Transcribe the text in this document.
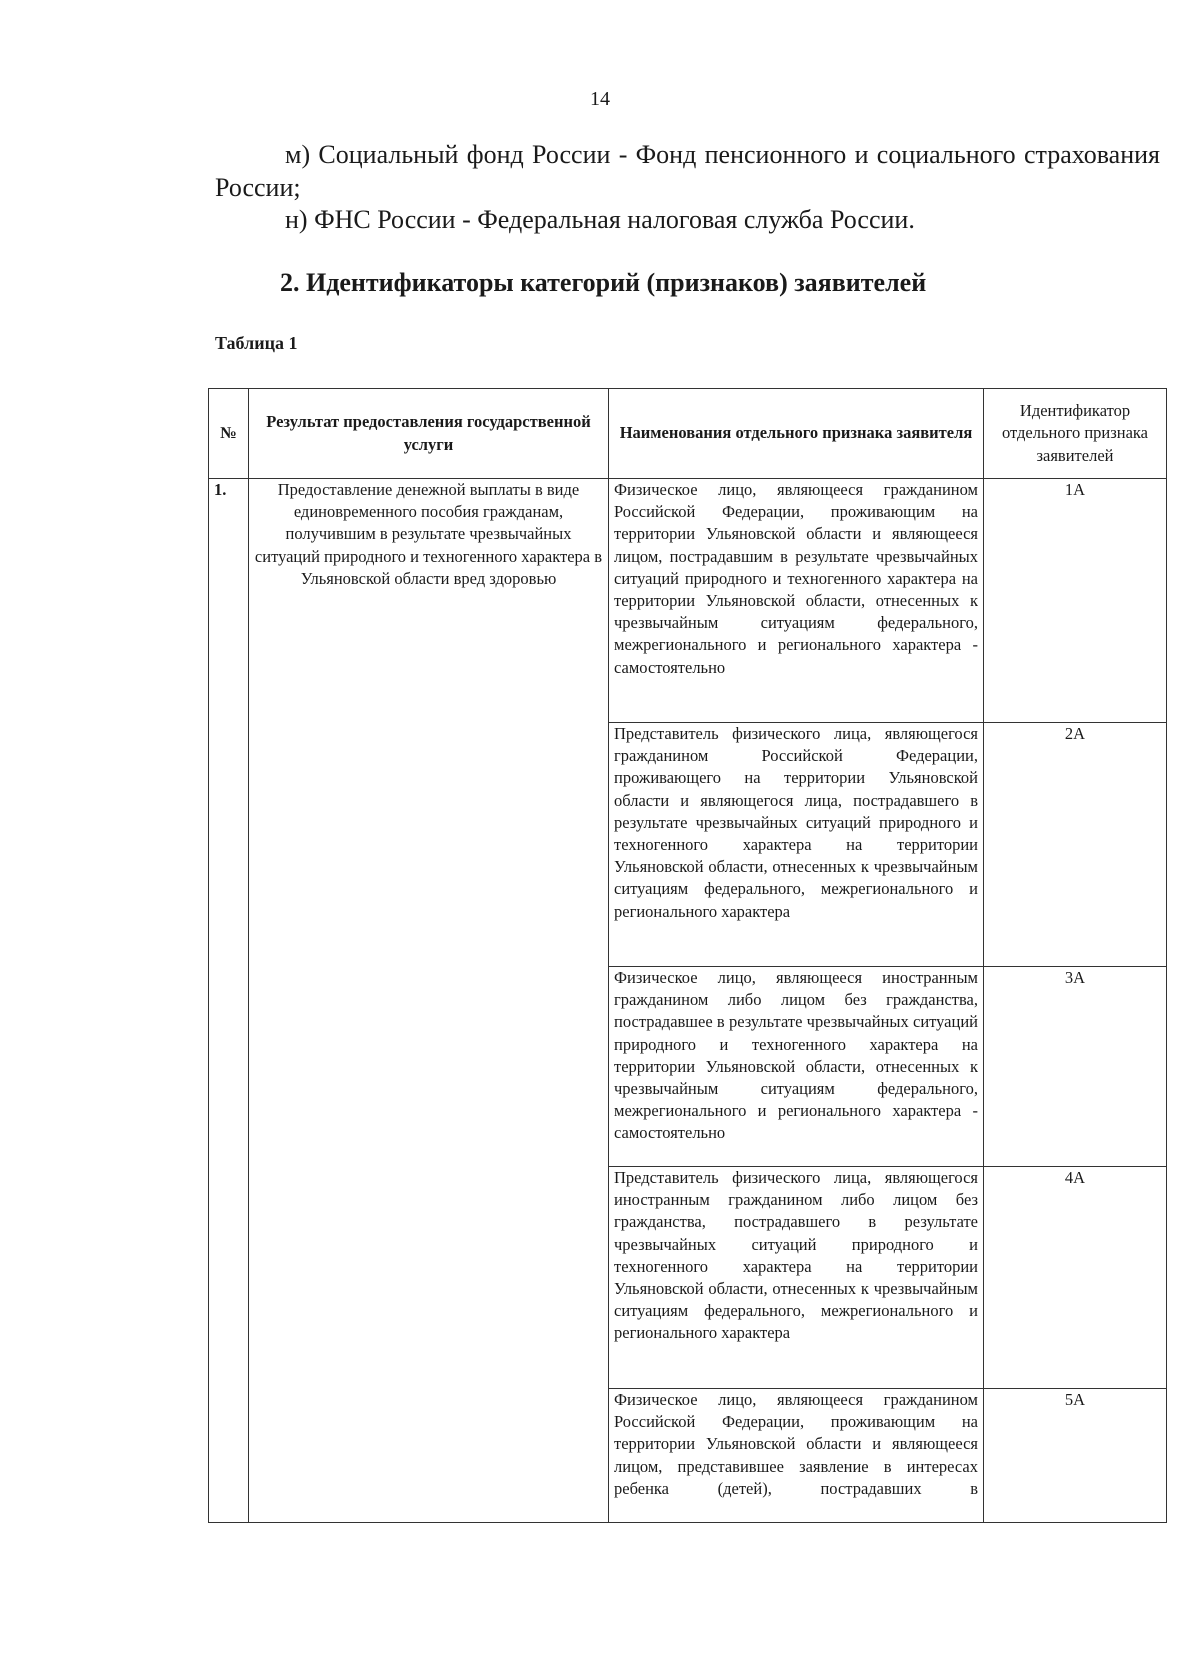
14
м) Социальный фонд России - Фонд пенсионного и социального страхования России;
н) ФНС России - Федеральная налоговая служба России.
2. Идентификаторы категорий (признаков) заявителей
Таблица 1
№	Результат предоставления государственной услуги	Наименования отдельного признака заявителя	Идентификатор отдельного признака заявителей
1.	Предоставление денежной выплаты в виде единовременного пособия гражданам, получившим в результате чрезвычайных ситуаций природного и техногенного характера в Ульяновской области вред здоровью	Физическое лицо, являющееся гражданином Российской Федерации, проживающим на территории Ульяновской области и являющееся лицом, пострадавшим в результате чрезвычайных ситуаций природного и техногенного характера на территории Ульяновской области, отнесенных к чрезвычайным ситуациям федерального, межрегионального и регионального характера - самостоятельно	1А
		Представитель физического лица, являющегося гражданином Российской Федерации, проживающего на территории Ульяновской области и являющегося лица, пострадавшего в результате чрезвычайных ситуаций природного и техногенного характера на территории Ульяновской области, отнесенных к чрезвычайным ситуациям федерального, межрегионального и регионального характера	2А
		Физическое лицо, являющееся иностранным гражданином либо лицом без гражданства, пострадавшее в результате чрезвычайных ситуаций природного и техногенного характера на территории Ульяновской области, отнесенных к чрезвычайным ситуациям федерального, межрегионального и регионального характера - самостоятельно	3А
		Представитель физического лица, являющегося иностранным гражданином либо лицом без гражданства, пострадавшего в результате чрезвычайных ситуаций природного и техногенного характера на территории Ульяновской области, отнесенных к чрезвычайным ситуациям федерального, межрегионального и регионального характера	4А
		Физическое лицо, являющееся гражданином Российской Федерации, проживающим на территории Ульяновской области и являющееся лицом, представившее заявление в интересах ребенка (детей), пострадавших в	5А
